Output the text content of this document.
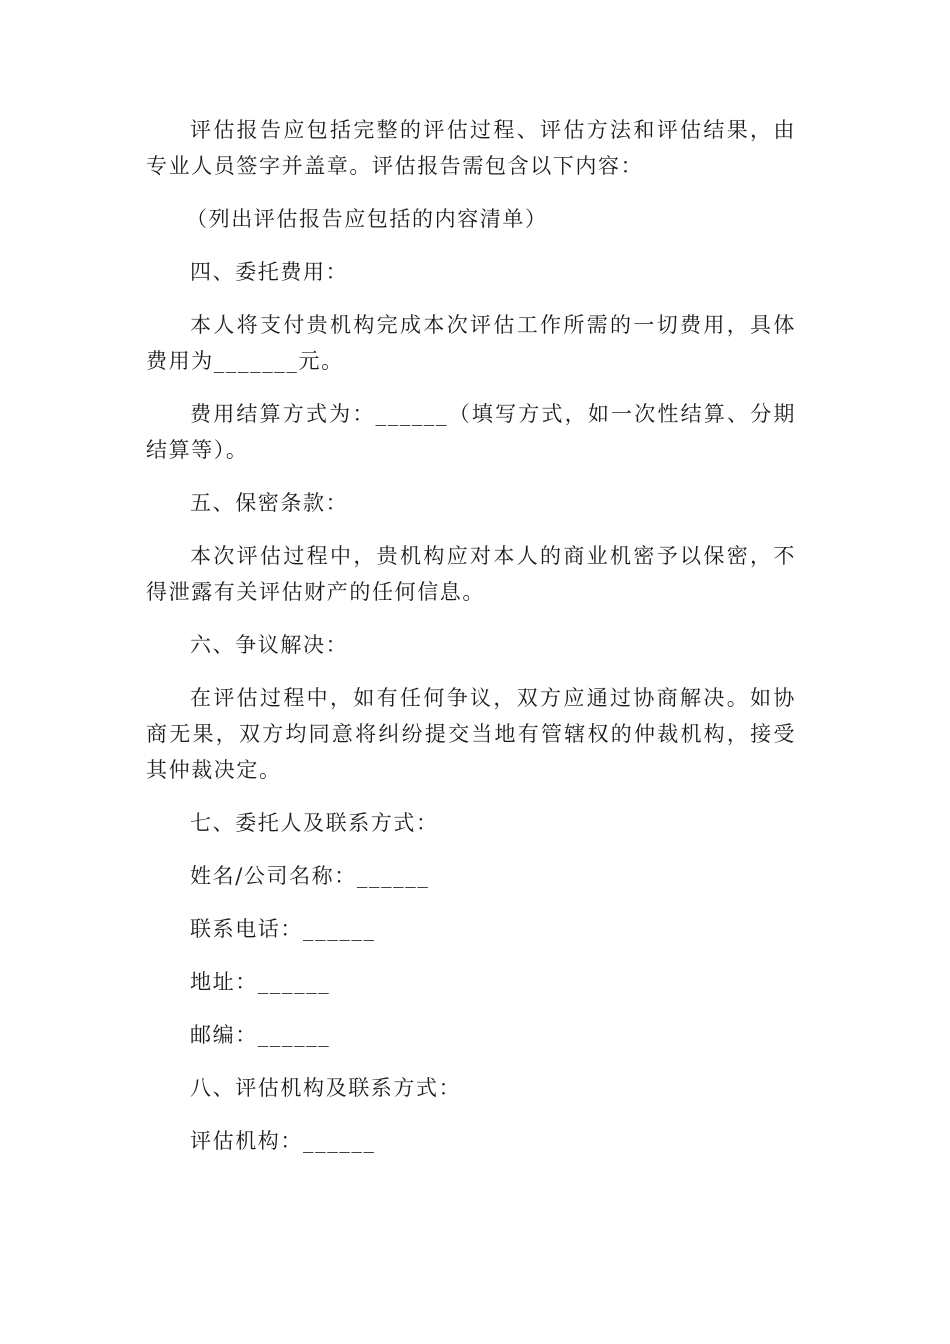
评估报告应包括完整的评估过程、评估方法和评估结果，由专业人员签字并盖章。评估报告需包含以下内容：

（列出评估报告应包括的内容清单）

四、委托费用：

本人将支付贵机构完成本次评估工作所需的一切费用，具体费用为_______元。

费用结算方式为：______（填写方式，如一次性结算、分期结算等）。

五、保密条款：

本次评估过程中，贵机构应对本人的商业机密予以保密，不得泄露有关评估财产的任何信息。

六、争议解决：

在评估过程中，如有任何争议，双方应通过协商解决。如协商无果，双方均同意将纠纷提交当地有管辖权的仲裁机构，接受其仲裁决定。

七、委托人及联系方式：

姓名/公司名称：______

联系电话：______

地址：______

邮编：______

八、评估机构及联系方式：

评估机构：______
